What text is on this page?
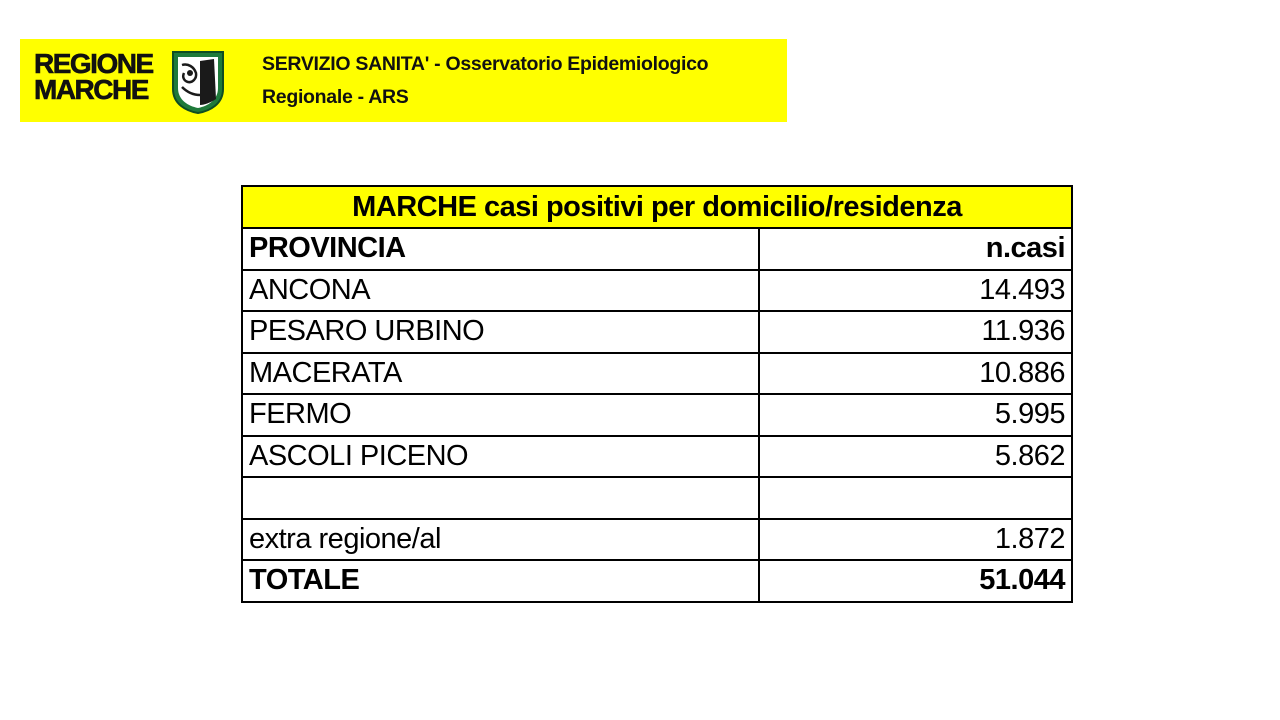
REGIONE
MARCHE
SERVIZIO SANITA' - Osservatorio Epidemiologico
Regionale - ARS
MARCHE casi positivi per domicilio/residenza	
PROVINCIA	n.casi
ANCONA	14.493
PESARO URBINO	11.936
MACERATA	10.886
FERMO	5.995
ASCOLI PICENO	5.862

extra regione/al	1.872
TOTALE	51.044
